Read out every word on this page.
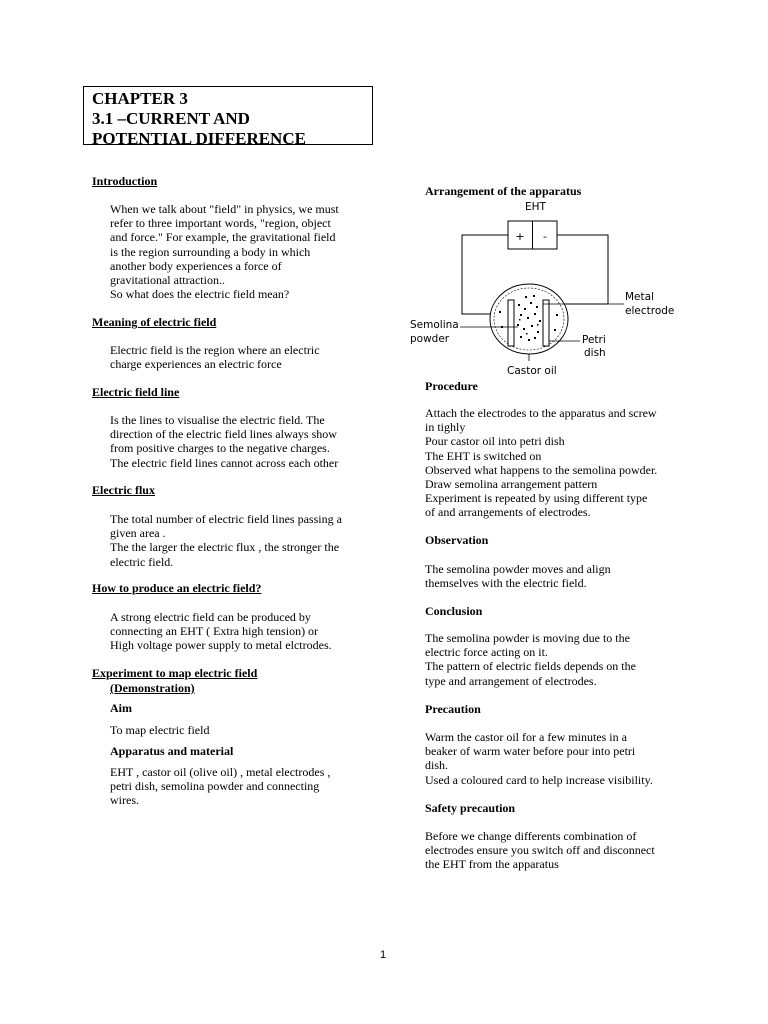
CHAPTER 3
3.1 –CURRENT AND
POTENTIAL DIFFERENCE
Introduction
When we talk about "field" in physics, we must
refer to three important words, "region, object
and force." For example, the gravitational field
is the region surrounding a body in which
another body experiences a force of
gravitational attraction..
So what does the electric field mean?
Meaning of electric field
Electric field is the region where an electric
charge experiences an electric force
Electric field line
Is the lines to visualise the electric field. The
direction of the electric field lines always show
from positive charges to the negative charges.
The electric field lines cannot across each other
Electric flux
The total number of electric field lines passing a
given area .
The the larger the electric flux , the stronger the
electric field.
How to produce an electric field?
A strong electric field can be produced by
connecting an EHT ( Extra high tension) or
High voltage power supply to metal elctrodes.
Experiment to map electric field
(Demonstration)
Aim
To map electric field
Apparatus and material
EHT , castor oil (olive oil) , metal electrodes ,
petri dish, semolina powder and connecting
wires.
Arrangement of the apparatus
EHT
+ -
Metal
electrode
Semolina
powder	Petri
dish
Castor oil
Procedure
Attach the electrodes to the apparatus and screw
in tighly
Pour castor oil into petri dish
The EHT is switched on
Observed what happens to the semolina powder.
Draw semolina arrangement pattern
Experiment is repeated by using different type
of and arrangements of electrodes.
Observation
The semolina powder moves and align
themselves with the electric field.
Conclusion
The semolina powder is moving due to the
electric force acting on it.
The pattern of electric fields depends on the
type and arrangement of electrodes.
Precaution
Warm the castor oil for a few minutes in a
beaker of warm water before pour into petri
dish.
Used a coloured card to help increase visibility.
Safety precaution
Before we change differents combination of
electrodes ensure you switch off and disconnect
the EHT from the apparatus
1
